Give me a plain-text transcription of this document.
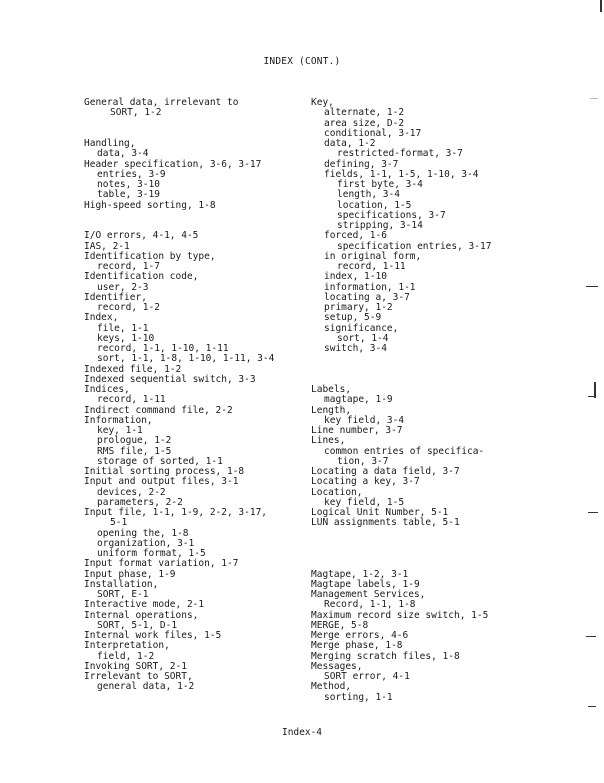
INDEX (CONT.)
General data, irrelevant to
SORT, 1-2
Handling,
data, 3-4
Header specification, 3-6, 3-17
entries, 3-9
notes, 3-10
table, 3-19
High-speed sorting, 1-8
I/O errors, 4-1, 4-5
IAS, 2-1
Identification by type,
record, 1-7
Identification code,
user, 2-3
Identifier,
record, 1-2
Index,
file, 1-1
keys, 1-10
record, 1-1, 1-10, 1-11
sort, 1-1, 1-8, 1-10, 1-11, 3-4
Indexed file, 1-2
Indexed sequential switch, 3-3
Indices,
record, 1-11
Indirect command file, 2-2
Information,
key, 1-1
prologue, 1-2
RMS file, 1-5
storage of sorted, 1-1
Initial sorting process, 1-8
Input and output files, 3-1
devices, 2-2
parameters, 2-2
Input file, 1-1, 1-9, 2-2, 3-17,
5-1
opening the, 1-8
organization, 3-1
uniform format, 1-5
Input format variation, 1-7
Input phase, 1-9
Installation,
SORT, E-1
Interactive mode, 2-1
Internal operations,
SORT, 5-1, D-1
Internal work files, 1-5
Interpretation,
field, 1-2
Invoking SORT, 2-1
Irrelevant to SORT,
general data, 1-2
Key,
alternate, 1-2
area size, D-2
conditional, 3-17
data, 1-2
restricted-format, 3-7
defining, 3-7
fields, 1-1, 1-5, 1-10, 3-4
first byte, 3-4
length, 3-4
location, 1-5
specifications, 3-7
stripping, 3-14
forced, 1-6
specification entries, 3-17
in original form,
record, 1-11
index, 1-10
information, 1-1
locating a, 3-7
primary, 1-2
setup, 5-9
significance,
sort, 1-4
switch, 3-4
Labels,
magtape, 1-9
Length,
key field, 3-4
Line number, 3-7
Lines,
common entries of specifica-
tion, 3-7
Locating a data field, 3-7
Locating a key, 3-7
Location,
key field, 1-5
Logical Unit Number, 5-1
LUN assignments table, 5-1
Magtape, 1-2, 3-1
Magtape labels, 1-9
Management Services,
Record, 1-1, 1-8
Maximum record size switch, 1-5
MERGE, 5-8
Merge errors, 4-6
Merge phase, 1-8
Merging scratch files, 1-8
Messages,
SORT error, 4-1
Method,
sorting, 1-1
Index-4
